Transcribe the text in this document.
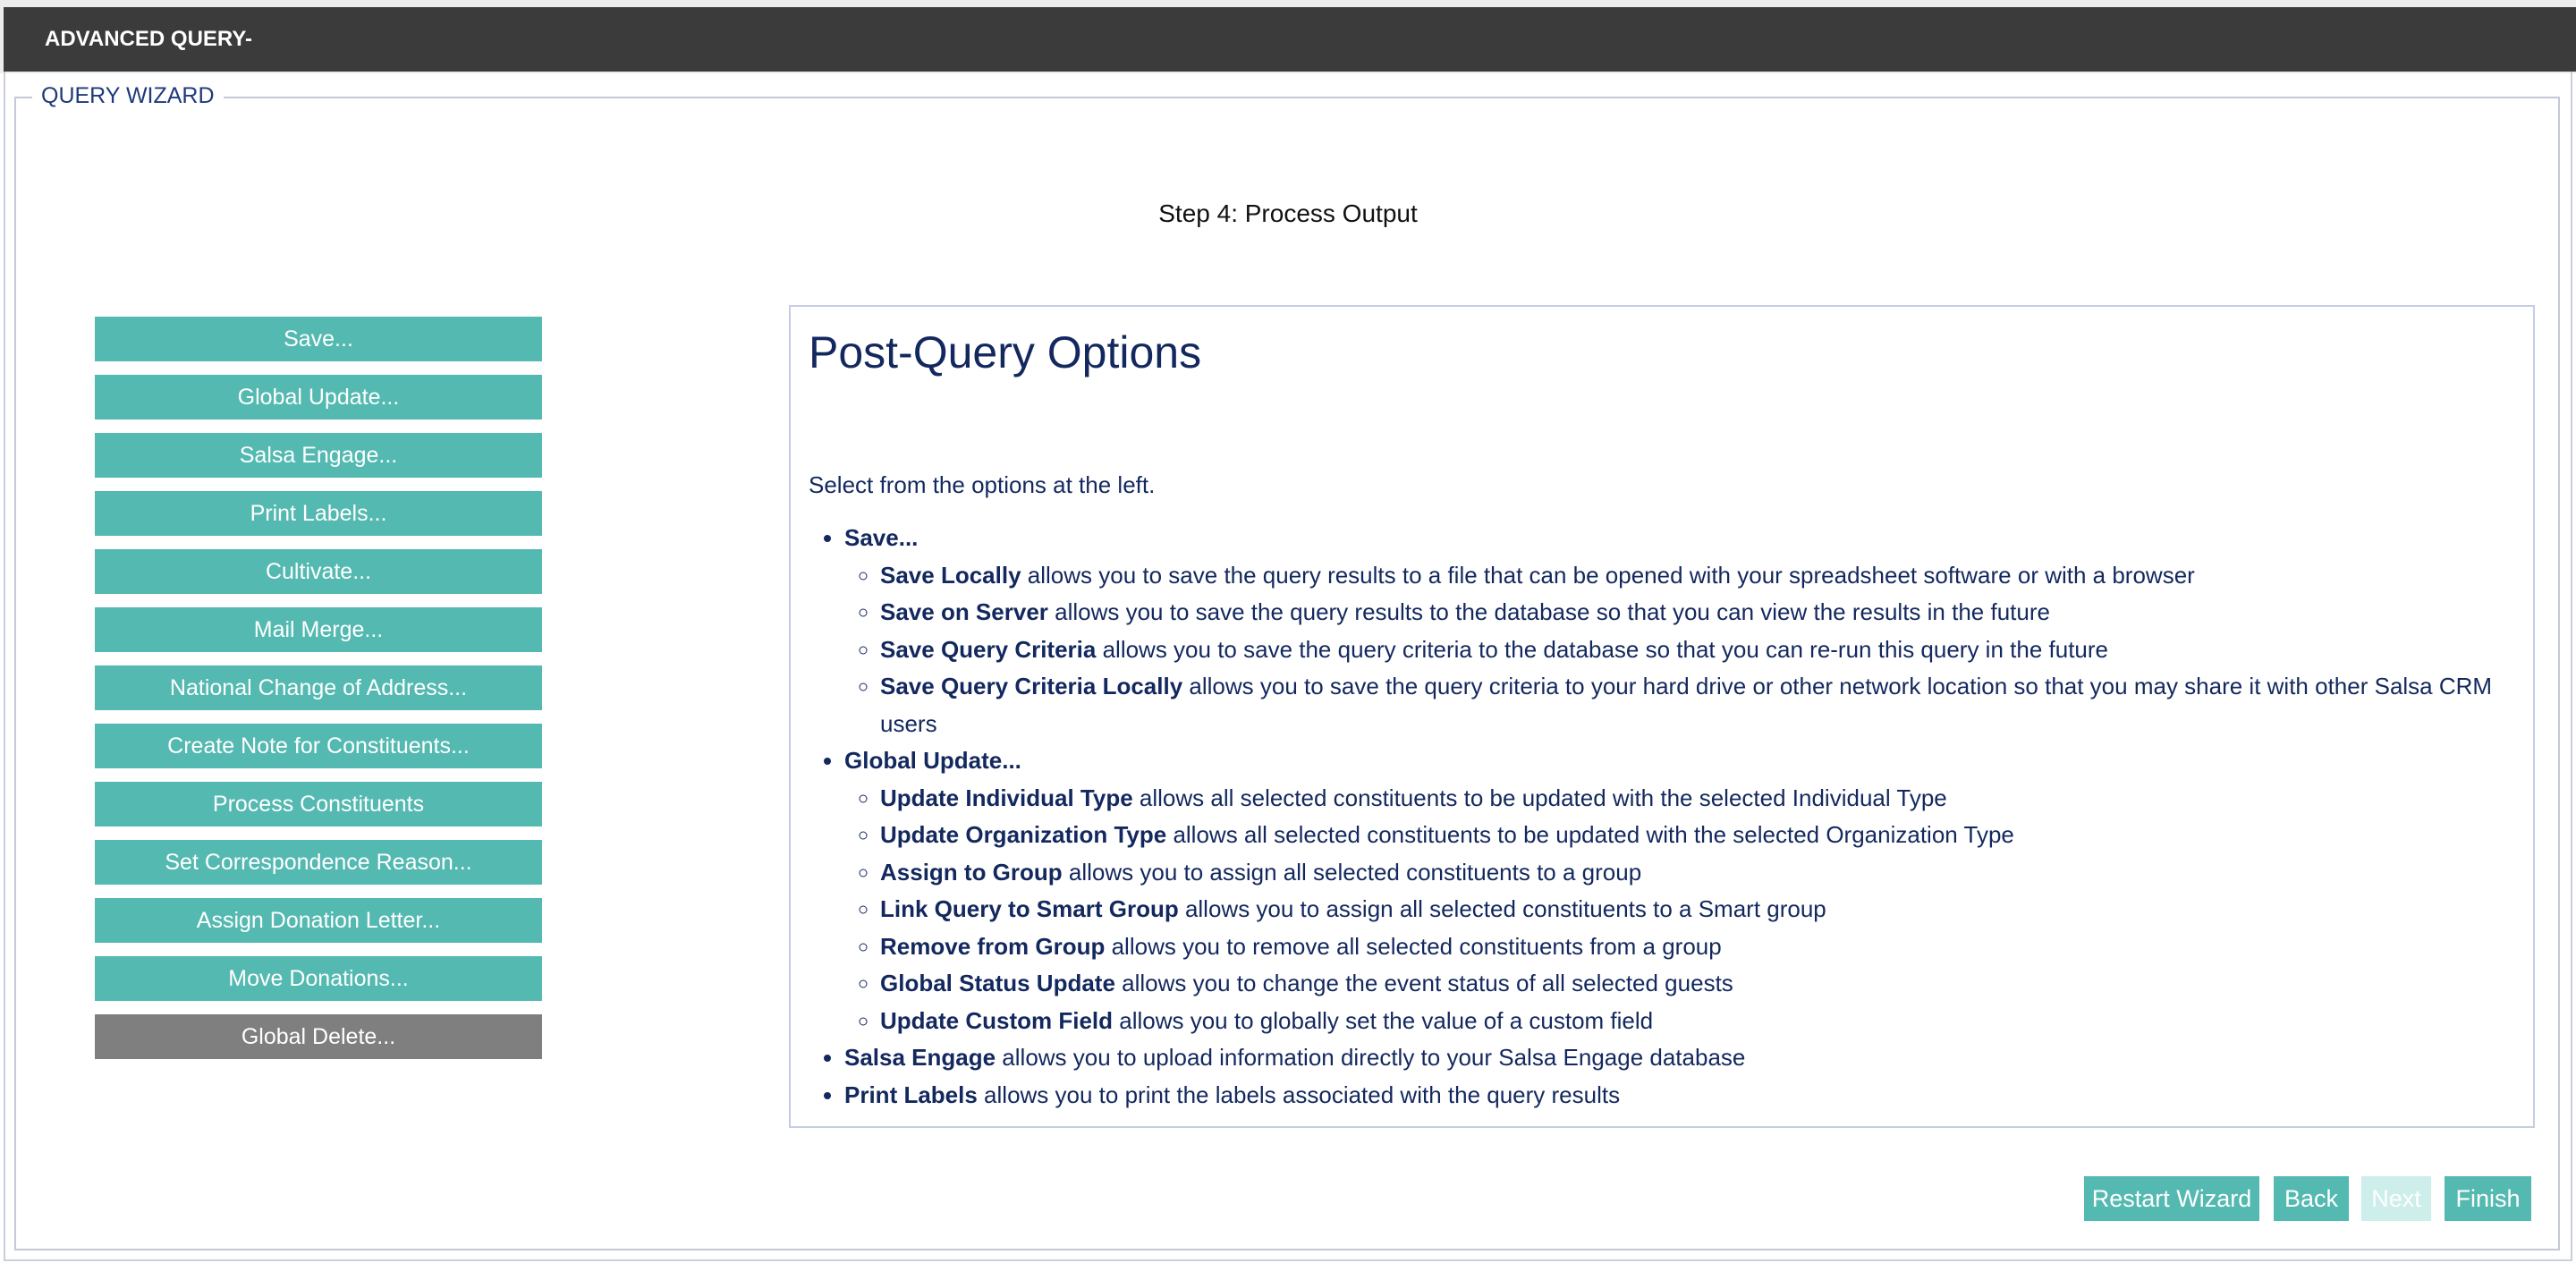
ADVANCED QUERY-
QUERY WIZARD
Step 4: Process Output
Save...
Global Update...
Salsa Engage...
Print Labels...
Cultivate...
Mail Merge...
National Change of Address...
Create Note for Constituents...
Process Constituents
Set Correspondence Reason...
Assign Donation Letter...
Move Donations...
Global Delete...
Post-Query Options

Select from the options at the left.

• Save...
◦ Save Locally allows you to save the query results to a file that can be opened with your spreadsheet software or with a browser
◦ Save on Server allows you to save the query results to the database so that you can view the results in the future
◦ Save Query Criteria allows you to save the query criteria to the database so that you can re-run this query in the future
◦ Save Query Criteria Locally allows you to save the query criteria to your hard drive or other network location so that you may share it with other Salsa CRM users
• Global Update...
◦ Update Individual Type allows all selected constituents to be updated with the selected Individual Type
◦ Update Organization Type allows all selected constituents to be updated with the selected Organization Type
◦ Assign to Group allows you to assign all selected constituents to a group
◦ Link Query to Smart Group allows you to assign all selected constituents to a Smart group
◦ Remove from Group allows you to remove all selected constituents from a group
◦ Global Status Update allows you to change the event status of all selected guests
◦ Update Custom Field allows you to globally set the value of a custom field
• Salsa Engage allows you to upload information directly to your Salsa Engage database
• Print Labels allows you to print the labels associated with the query results
Restart Wizard	Back	Next	Finish
